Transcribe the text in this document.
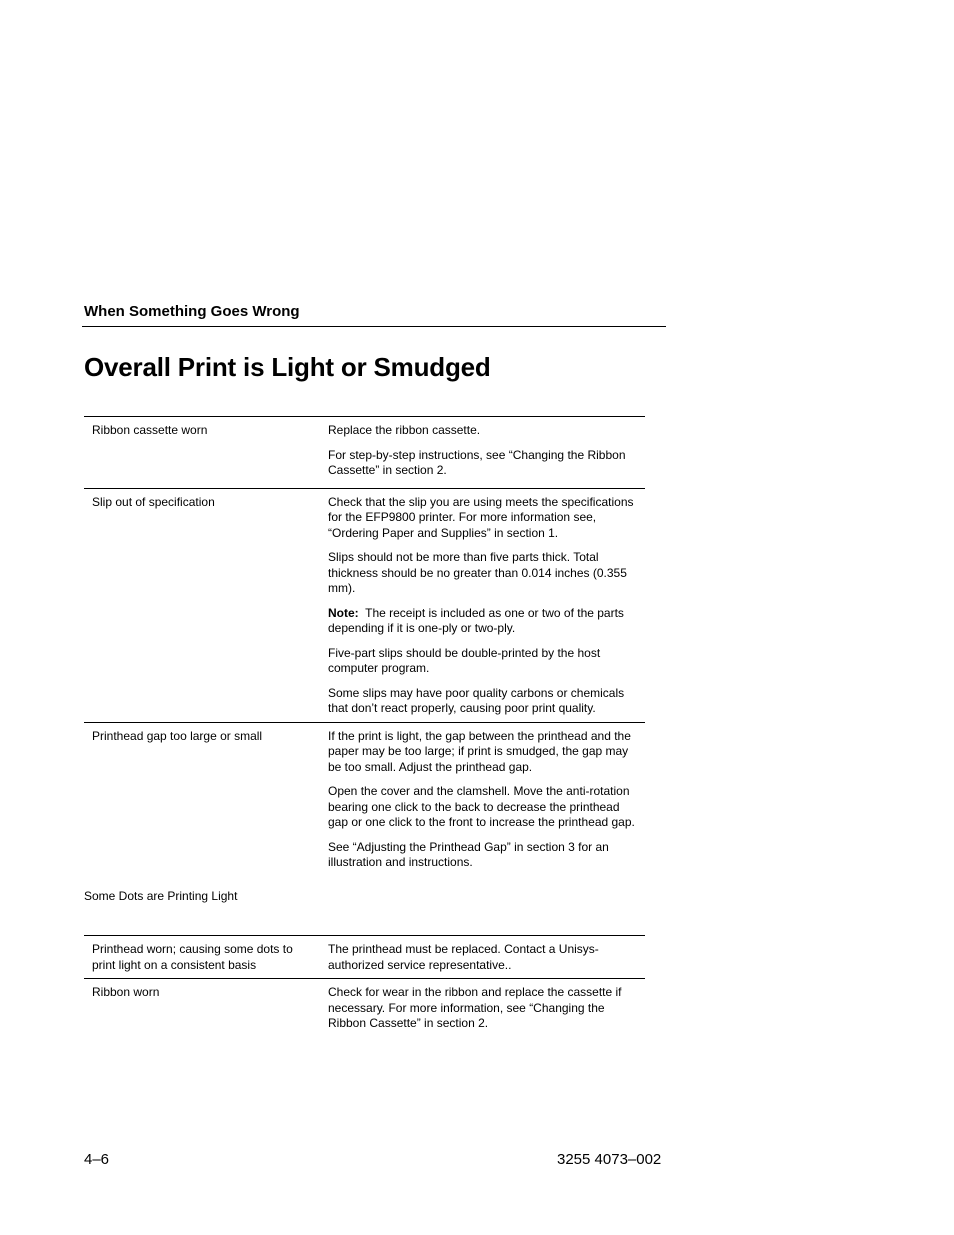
When Something Goes Wrong
Overall Print is Light or Smudged
Ribbon cassette worn	Replace the ribbon cassette.

For step-by-step instructions, see “Changing the Ribbon Cassette” in section 2.

Slip out of specification	Check that the slip you are using meets the specifications for the EFP9800 printer. For more information see, “Ordering Paper and Supplies” in section 1.

Slips should not be more than five parts thick. Total thickness should be no greater than 0.014 inches (0.355 mm).

Note: The receipt is included as one or two of the parts depending if it is one-ply or two-ply.

Five-part slips should be double-printed by the host computer program.

Some slips may have poor quality carbons or chemicals that don’t react properly, causing poor print quality.

Printhead gap too large or small	If the print is light, the gap between the printhead and the paper may be too large; if print is smudged, the gap may be too small. Adjust the printhead gap.

Open the cover and the clamshell. Move the anti-rotation bearing one click to the back to decrease the printhead gap or one click to the front to increase the printhead gap.

See “Adjusting the Printhead Gap” in section 3 for an illustration and instructions.

Some Dots are Printing Light
Printhead worn; causing some dots to print light on a consistent basis	The printhead must be replaced. Contact a Unisys-authorized service representative..

Ribbon worn	Check for wear in the ribbon and replace the cassette if necessary. For more information, see “Changing the Ribbon Cassette” in section 2.

4–6	3255 4073–002
